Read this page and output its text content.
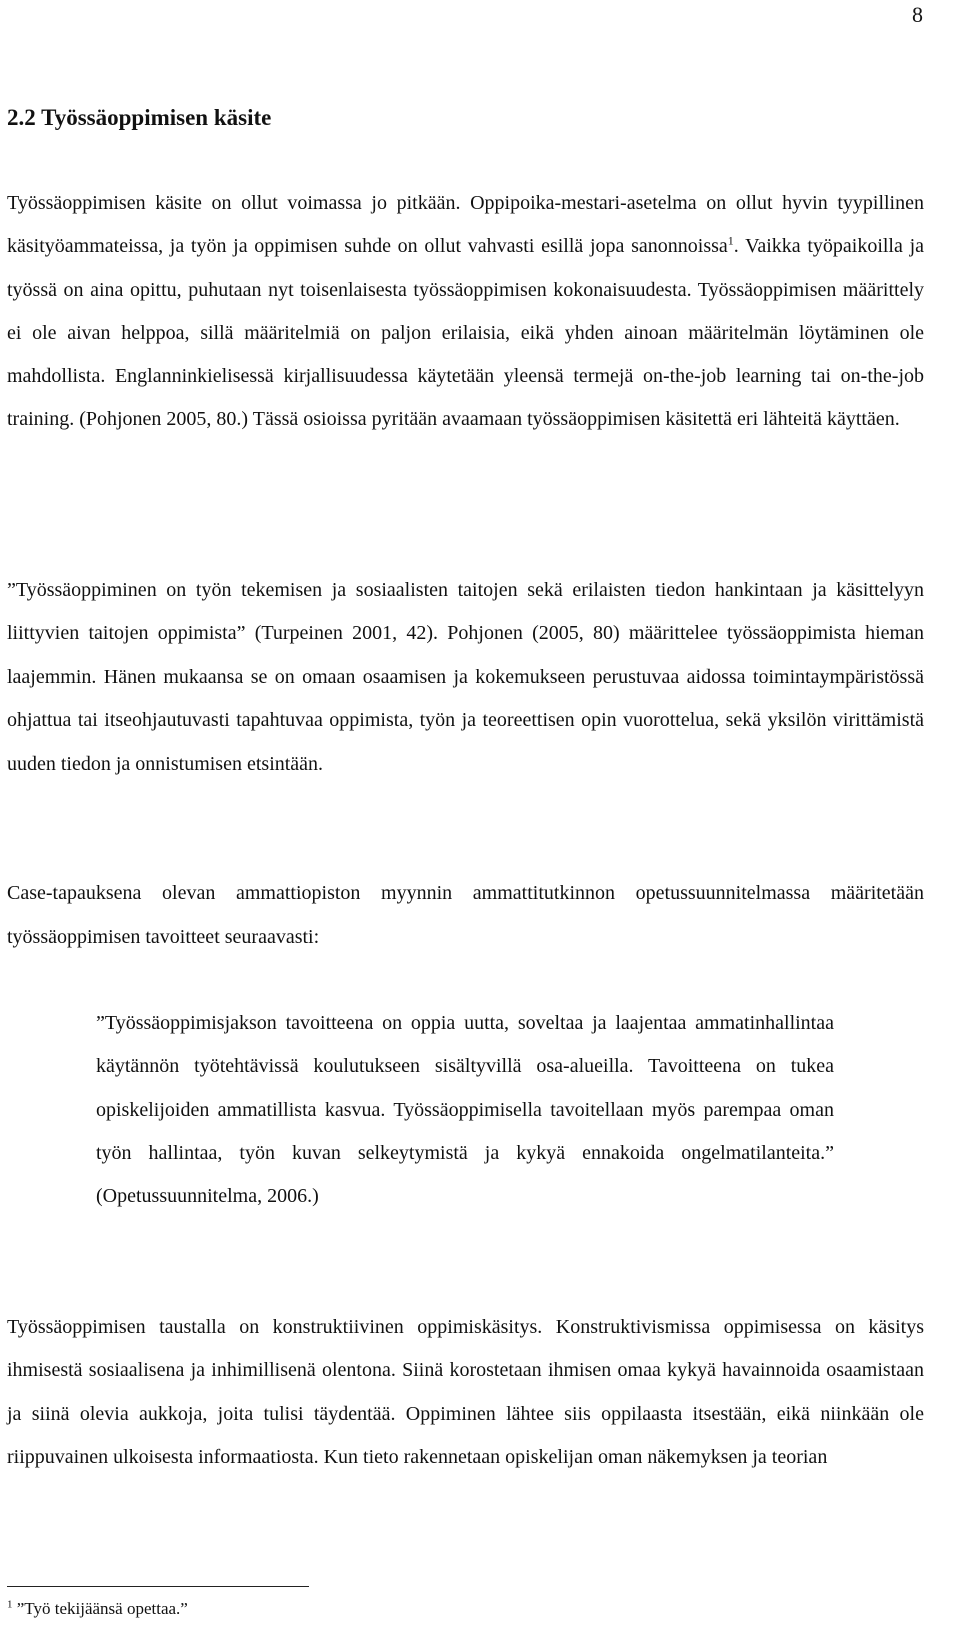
8
2.2 Työssäoppimisen käsite

Työssäoppimisen käsite on ollut voimassa jo pitkään. Oppipoika-mestari-asetelma on ollut hyvin tyypillinen käsityöammateissa, ja työn ja oppimisen suhde on ollut vahvasti esillä jopa sanonnoissa$^1$. Vaikka työpaikoilla ja työssä on aina opittu, puhutaan nyt toisenlaisesta työssäoppimisen kokonaisuudesta. Työssäoppimisen määrittely ei ole aivan helppoa, sillä määritelmiä on paljon erilaisia, eikä yhden ainoan määritelmän löytäminen ole mahdollista. Englanninkielisessä kirjallisuudessa käytetään yleensä termejä on-the-job learning tai on-the-job training. (Pohjonen 2005, 80.) Tässä osioissa pyritään avaamaan työssäoppimisen käsitettä eri lähteitä käyttäen.

”Työssäoppiminen on työn tekemisen ja sosiaalisten taitojen sekä erilaisten tiedon hankintaan ja käsittelyyn liittyvien taitojen oppimista” (Turpeinen 2001, 42). Pohjonen (2005, 80) määrittelee työssäoppimista hieman laajemmin. Hänen mukaansa se on omaan osaamisen ja kokemukseen perustuvaa aidossa toimintaympäristössä ohjattua tai itseohjautuvasti tapahtuvaa oppimista, työn ja teoreettisen opin vuorottelua, sekä yksilön virittämistä uuden tiedon ja onnistumisen etsintään.

Case-tapauksena olevan ammattiopiston myynnin ammattitutkinnon opetussuunnitelmassa määritetään työssäoppimisen tavoitteet seuraavasti:

”Työssäoppimisjakson tavoitteena on oppia uutta, soveltaa ja laajentaa ammatinhallintaa käytännön työtehtävissä koulutukseen sisältyvillä osa-alueilla. Tavoitteena on tukea opiskelijoiden ammatillista kasvua. Työssäoppimisella tavoitellaan myös parempaa oman työn hallintaa, työn kuvan selkeytymistä ja kykyä ennakoida ongelmatilanteita.” (Opetussuunnitelma, 2006.)

Työssäoppimisen taustalla on konstruktiivinen oppimiskäsitys. Konstruktivismissa oppimisessa on käsitys ihmisestä sosiaalisena ja inhimillisenä olentona. Siinä korostetaan ihmisen omaa kykyä havainnoida osaamistaan ja siinä olevia aukkoja, joita tulisi täydentää. Oppiminen lähtee siis oppilaasta itsestään, eikä niinkään ole riippuvainen ulkoisesta informaatiosta. Kun tieto rakennetaan opiskelijan oman näkemyksen ja teorian

$^1$ ”Työ tekijäänsä opettaa.”
